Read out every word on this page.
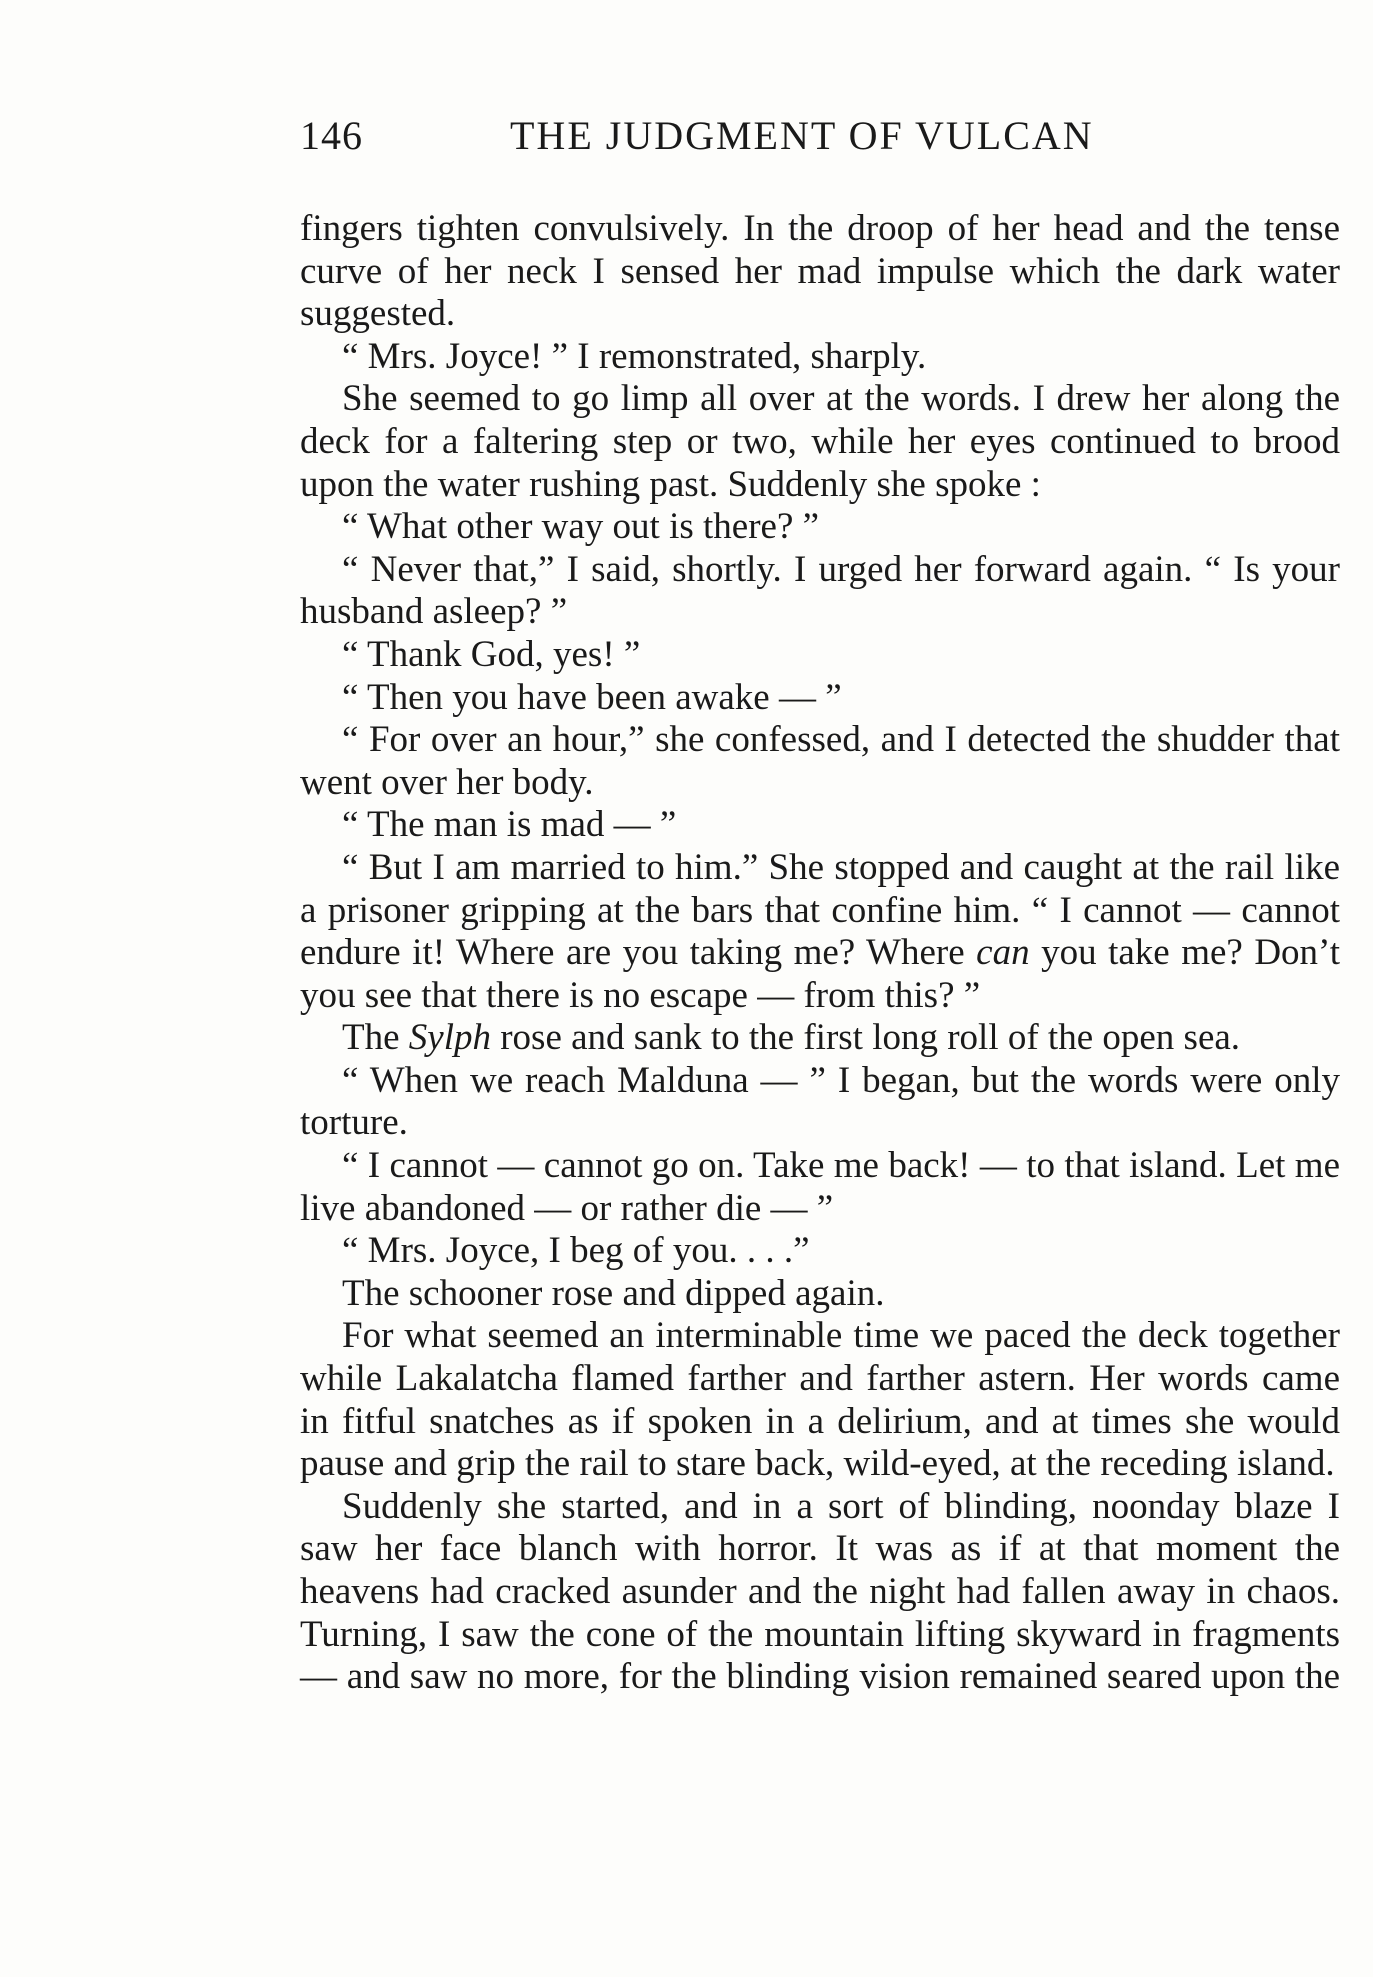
146	THE JUDGMENT OF VULCAN

fingers tighten convulsively. In the droop of her head and the tense curve of her neck I sensed her mad impulse which the dark water suggested.

“ Mrs. Joyce! ” I remonstrated, sharply.

She seemed to go limp all over at the words. I drew her along the deck for a faltering step or two, while her eyes continued to brood upon the water rushing past. Suddenly she spoke :

“ What other way out is there? ”

“ Never that,” I said, shortly. I urged her forward again. “ Is your husband asleep? ”

“ Thank God, yes! ”

“ Then you have been awake — ”

“ For over an hour,” she confessed, and I detected the shudder that went over her body.

“ The man is mad — ”

“ But I am married to him.” She stopped and caught at the rail like a prisoner gripping at the bars that confine him. “ I cannot — cannot endure it! Where are you taking me? Where can you take me? Don’t you see that there is no escape — from this? ”

The Sylph rose and sank to the first long roll of the open sea.

“ When we reach Malduna — ” I began, but the words were only torture.

“ I cannot — cannot go on. Take me back! — to that island. Let me live abandoned — or rather die — ”

“ Mrs. Joyce, I beg of you. . . .”

The schooner rose and dipped again.

For what seemed an interminable time we paced the deck together while Lakalatcha flamed farther and farther astern. Her words came in fitful snatches as if spoken in a delirium, and at times she would pause and grip the rail to stare back, wild-eyed, at the receding island.

Suddenly she started, and in a sort of blinding, noonday blaze I saw her face blanch with horror. It was as if at that moment the heavens had cracked asunder and the night had fallen away in chaos. Turning, I saw the cone of the mountain lifting skyward in fragments — and saw no more, for the blinding vision remained seared upon the
